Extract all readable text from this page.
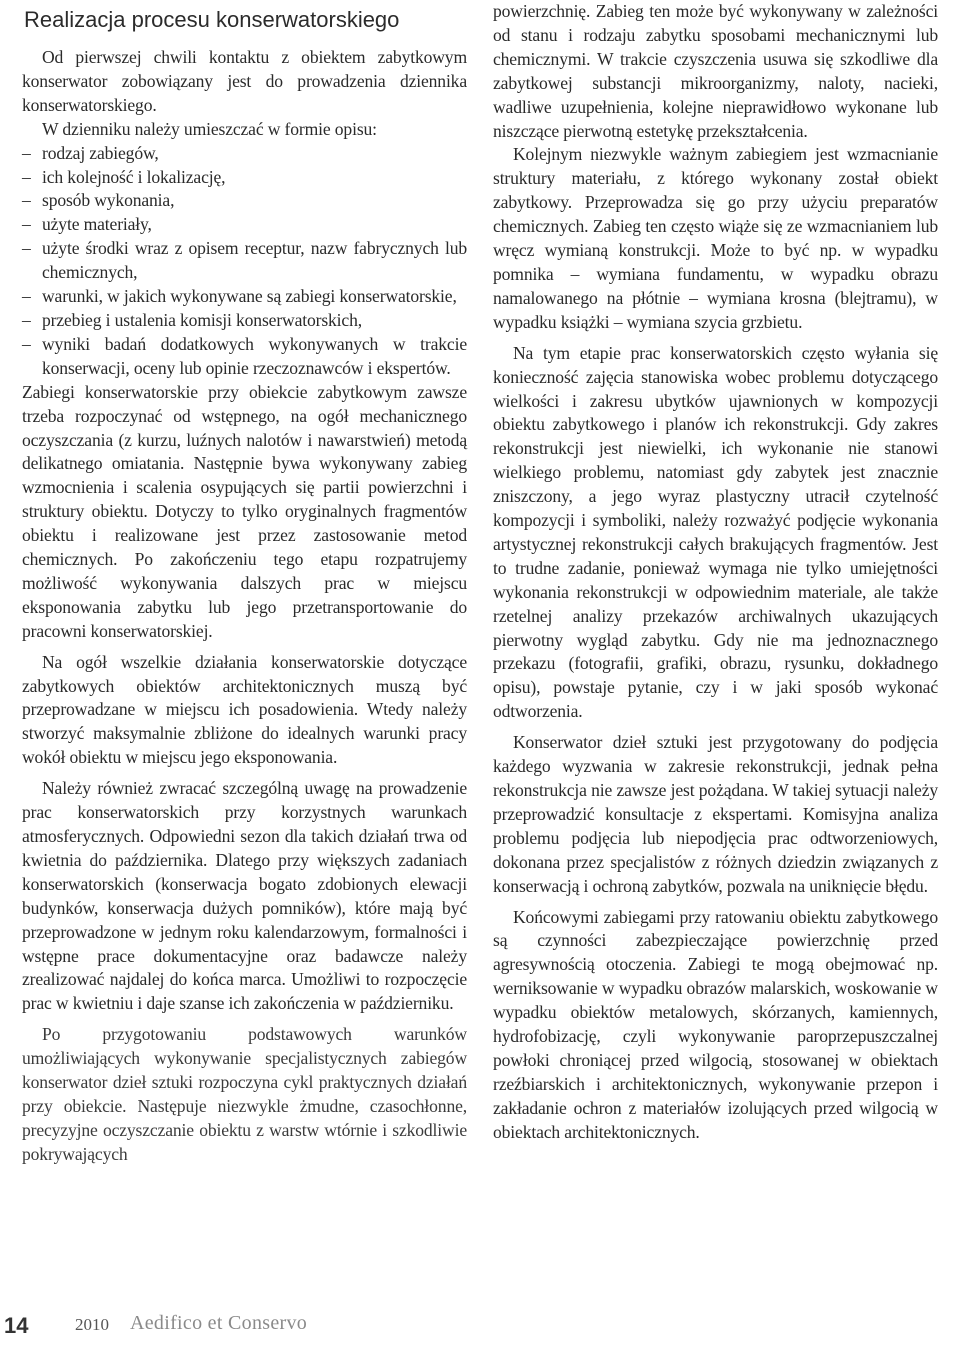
Realizacja procesu konserwatorskiego

Od pierwszej chwili kontaktu z obiektem zabytkowym konserwator zobowiązany jest do prowadzenia dziennika konserwatorskiego.

W dzienniku należy umieszczać w formie opisu:

– rodzaj zabiegów,

– ich kolejność i lokalizację,

– sposób wykonania,

– użyte materiały,

– użyte środki wraz z opisem receptur, nazw fabrycznych lub chemicznych,

– warunki, w jakich wykonywane są zabiegi konserwatorskie,

– przebieg i ustalenia komisji konserwatorskich,

– wyniki badań dodatkowych wykonywanych w trakcie konserwacji, oceny lub opinie rzeczoznawców i ekspertów.

Zabiegi konserwatorskie przy obiekcie zabytkowym zawsze trzeba rozpoczynać od wstępnego, na ogół mechanicznego oczyszczania (z kurzu, luźnych nalotów i nawarstwień) metodą delikatnego omiatania. Następnie bywa wykonywany zabieg wzmocnienia i scalenia osypujących się partii powierzchni i struktury obiektu. Dotyczy to tylko oryginalnych fragmentów obiektu i realizowane jest przez zastosowanie metod chemicznych. Po zakończeniu tego etapu rozpatrujemy możliwość wykonywania dalszych prac w miejscu eksponowania zabytku lub jego przetransportowanie do pracowni konserwatorskiej.

Na ogół wszelkie działania konserwatorskie dotyczące zabytkowych obiektów architektonicznych muszą być przeprowadzane w miejscu ich posadowienia. Wtedy należy stworzyć maksymalnie zbliżone do idealnych warunki pracy wokół obiektu w miejscu jego eksponowania.

Należy również zwracać szczególną uwagę na prowadzenie prac konserwatorskich przy korzystnych warunkach atmosferycznych. Odpowiedni sezon dla takich działań trwa od kwietnia do października. Dlatego przy większych zadaniach konserwatorskich (konserwacja bogato zdobionych elewacji budynków, konserwacja dużych pomników), które mają być przeprowadzone w jednym roku kalendarzowym, formalności i wstępne prace dokumentacyjne oraz badawcze należy zrealizować najdalej do końca marca. Umożliwi to rozpoczęcie prac w kwietniu i daje szanse ich zakończenia w październiku.

Po przygotowaniu podstawowych warunków umożliwiających wykonywanie specjalistycznych zabiegów konserwator dzieł sztuki rozpoczyna cykl praktycznych działań przy obiekcie. Następuje niezwykle żmudne, czasochłonne, precyzyjne oczyszczanie obiektu z warstw wtórnie i szkodliwie pokrywających

powierzchnię. Zabieg ten może być wykonywany w zależności od stanu i rodzaju zabytku sposobami mechanicznymi lub chemicznymi. W trakcie czyszczenia usuwa się szkodliwe dla zabytkowej substancji mikroorganizmy, naloty, nacieki, wadliwe uzupełnienia, kolejne nieprawidłowo wykonane lub niszczące pierwotną estetykę przekształcenia.

Kolejnym niezwykle ważnym zabiegiem jest wzmacnianie struktury materiału, z którego wykonany został obiekt zabytkowy. Przeprowadza się go przy użyciu preparatów chemicznych. Zabieg ten często wiąże się ze wzmacnianiem lub wręcz wymianą konstrukcji. Może to być np. w wypadku pomnika – wymiana fundamentu, w wypadku obrazu namalowanego na płótnie – wymiana krosna (blejtramu), w wypadku książki – wymiana szycia grzbietu.

Na tym etapie prac konserwatorskich często wyłania się konieczność zajęcia stanowiska wobec problemu dotyczącego wielkości i zakresu ubytków ujawnionych w kompozycji obiektu zabytkowego i planów ich rekonstrukcji. Gdy zakres rekonstrukcji jest niewielki, ich wykonanie nie stanowi wielkiego problemu, natomiast gdy zabytek jest znacznie zniszczony, a jego wyraz plastyczny utracił czytelność kompozycji i symboliki, należy rozważyć podjęcie wykonania artystycznej rekonstrukcji całych brakujących fragmentów. Jest to trudne zadanie, ponieważ wymaga nie tylko umiejętności wykonania rekonstrukcji w odpowiednim materiale, ale także rzetelnej analizy przekazów archiwalnych ukazujących pierwotny wygląd zabytku. Gdy nie ma jednoznacznego przekazu (fotografii, grafiki, obrazu, rysunku, dokładnego opisu), powstaje pytanie, czy i w jaki sposób wykonać odtworzenia.

Konserwator dzieł sztuki jest przygotowany do podjęcia każdego wyzwania w zakresie rekonstrukcji, jednak pełna rekonstrukcja nie zawsze jest pożądana. W takiej sytuacji należy przeprowadzić konsultacje z ekspertami. Komisyjna analiza problemu podjęcia lub niepodjęcia prac odtworzeniowych, dokonana przez specjalistów z różnych dziedzin związanych z konserwacją i ochroną zabytków, pozwala na uniknięcie błędu.

Końcowymi zabiegami przy ratowaniu obiektu zabytkowego są czynności zabezpieczające powierzchnię przed agresywnością otoczenia. Zabiegi te mogą obejmować np. werniksowanie w wypadku obrazów malarskich, woskowanie w wypadku obiektów metalowych, skórzanych, kamiennych, hydrofobizację, czyli wykonywanie paroprzepuszczalnej powłoki chroniącej przed wilgocią, stosowanej w obiektach rzeźbiarskich i architektonicznych, wykonywanie przepon i zakładanie ochron z materiałów izolujących przed wilgocią w obiektach architektonicznych.

14	2010 Aedifico et Conservo
